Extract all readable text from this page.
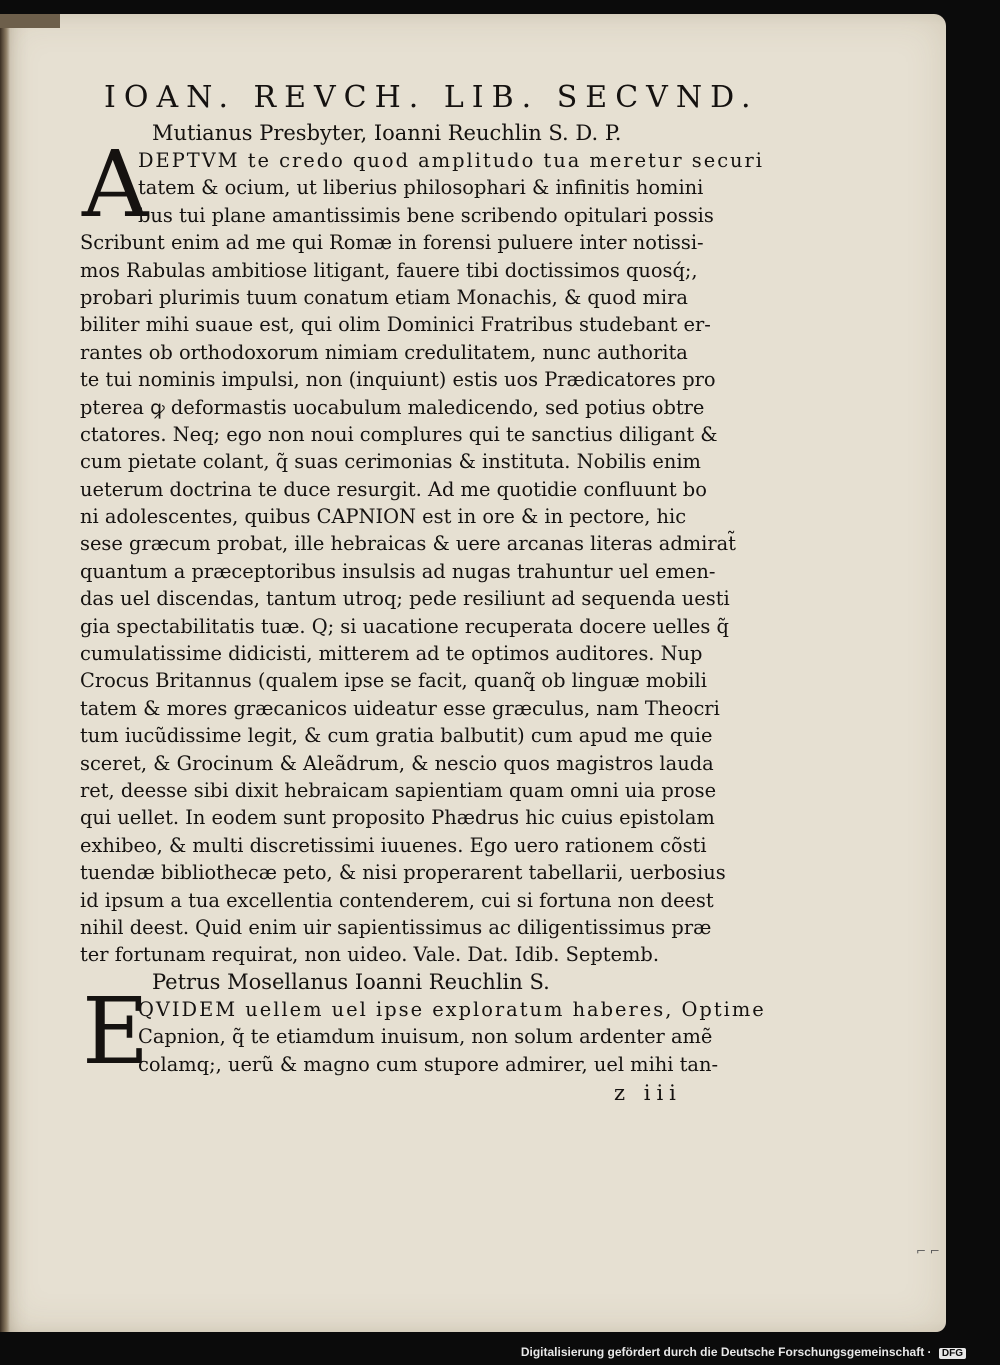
IOAN. REVCH. LIB. SECVND.
Mutianus Presbyter, Ioanni Reuchlin S. D. P.
A
DEPTVM te credo quod amplitudo tua meretur securi
tatem & ocium, ut liberius philosophari & infinitis homini
bus tui plane amantissimis bene scribendo opitulari possis
Scribunt enim ad me qui Romæ in forensi puluere inter notissi-
mos Rabulas ambitiose litigant, fauere tibi doctissimos quosq́;,
probari plurimis tuum conatum etiam Monachis, & quod mira
biliter mihi suaue est, qui olim Dominici Fratribus studebant er-
rantes ob orthodoxorum nimiam credulitatem, nunc authorita
te tui nominis impulsi, non (inquiunt) estis uos Prædicatores pro
pterea ꝙ deformastis uocabulum maledicendo, sed potius obtre
ctatores. Neq; ego non noui complures qui te sanctius diligant &
cum pietate colant, q̃ suas cerimonias & instituta. Nobilis enim
ueterum doctrina te duce resurgit. Ad me quotidie confluunt bo
ni adolescentes, quibus CAPNION est in ore & in pectore, hic
sese græcum probat, ille hebraicas & uere arcanas literas admirat̃
quantum a præceptoribus insulsis ad nugas trahuntur uel emen-
das uel discendas, tantum utroq; pede resiliunt ad sequenda uesti
gia spectabilitatis tuæ. Q; si uacatione recuperata docere uelles q̃
cumulatissime didicisti, mitterem ad te optimos auditores. Nup
Crocus Britannus (qualem ipse se facit, quanq̃ ob linguæ mobili
tatem & mores græcanicos uideatur esse græculus, nam Theocri
tum iucũdissime legit, & cum gratia balbutit) cum apud me quie
sceret, & Grocinum & Aleãdrum, & nescio quos magistros lauda
ret, deesse sibi dixit hebraicam sapientiam quam omni uia prose
qui uellet. In eodem sunt proposito Phædrus hic cuius epistolam
exhibeo, & multi discretissimi iuuenes. Ego uero rationem cõsti
tuendæ bibliothecæ peto, & nisi properarent tabellarii, uerbosius
id ipsum a tua excellentia contenderem, cui si fortuna non deest
nihil deest. Quid enim uir sapientissimus ac diligentissimus præ
ter fortunam requirat, non uideo. Vale. Dat. Idib. Septemb.
Petrus Mosellanus Ioanni Reuchlin S.
E
QVIDEM uellem uel ipse exploratum haberes, Optime
Capnion, q̃ te etiamdum inuisum, non solum ardenter amẽ
colamq;, uerũ & magno cum stupore admirer, uel mihi tan-
z iii
⌐ ⌐
Digitalisierung gefördert durch die Deutsche Forschungsgemeinschaft · DFG
